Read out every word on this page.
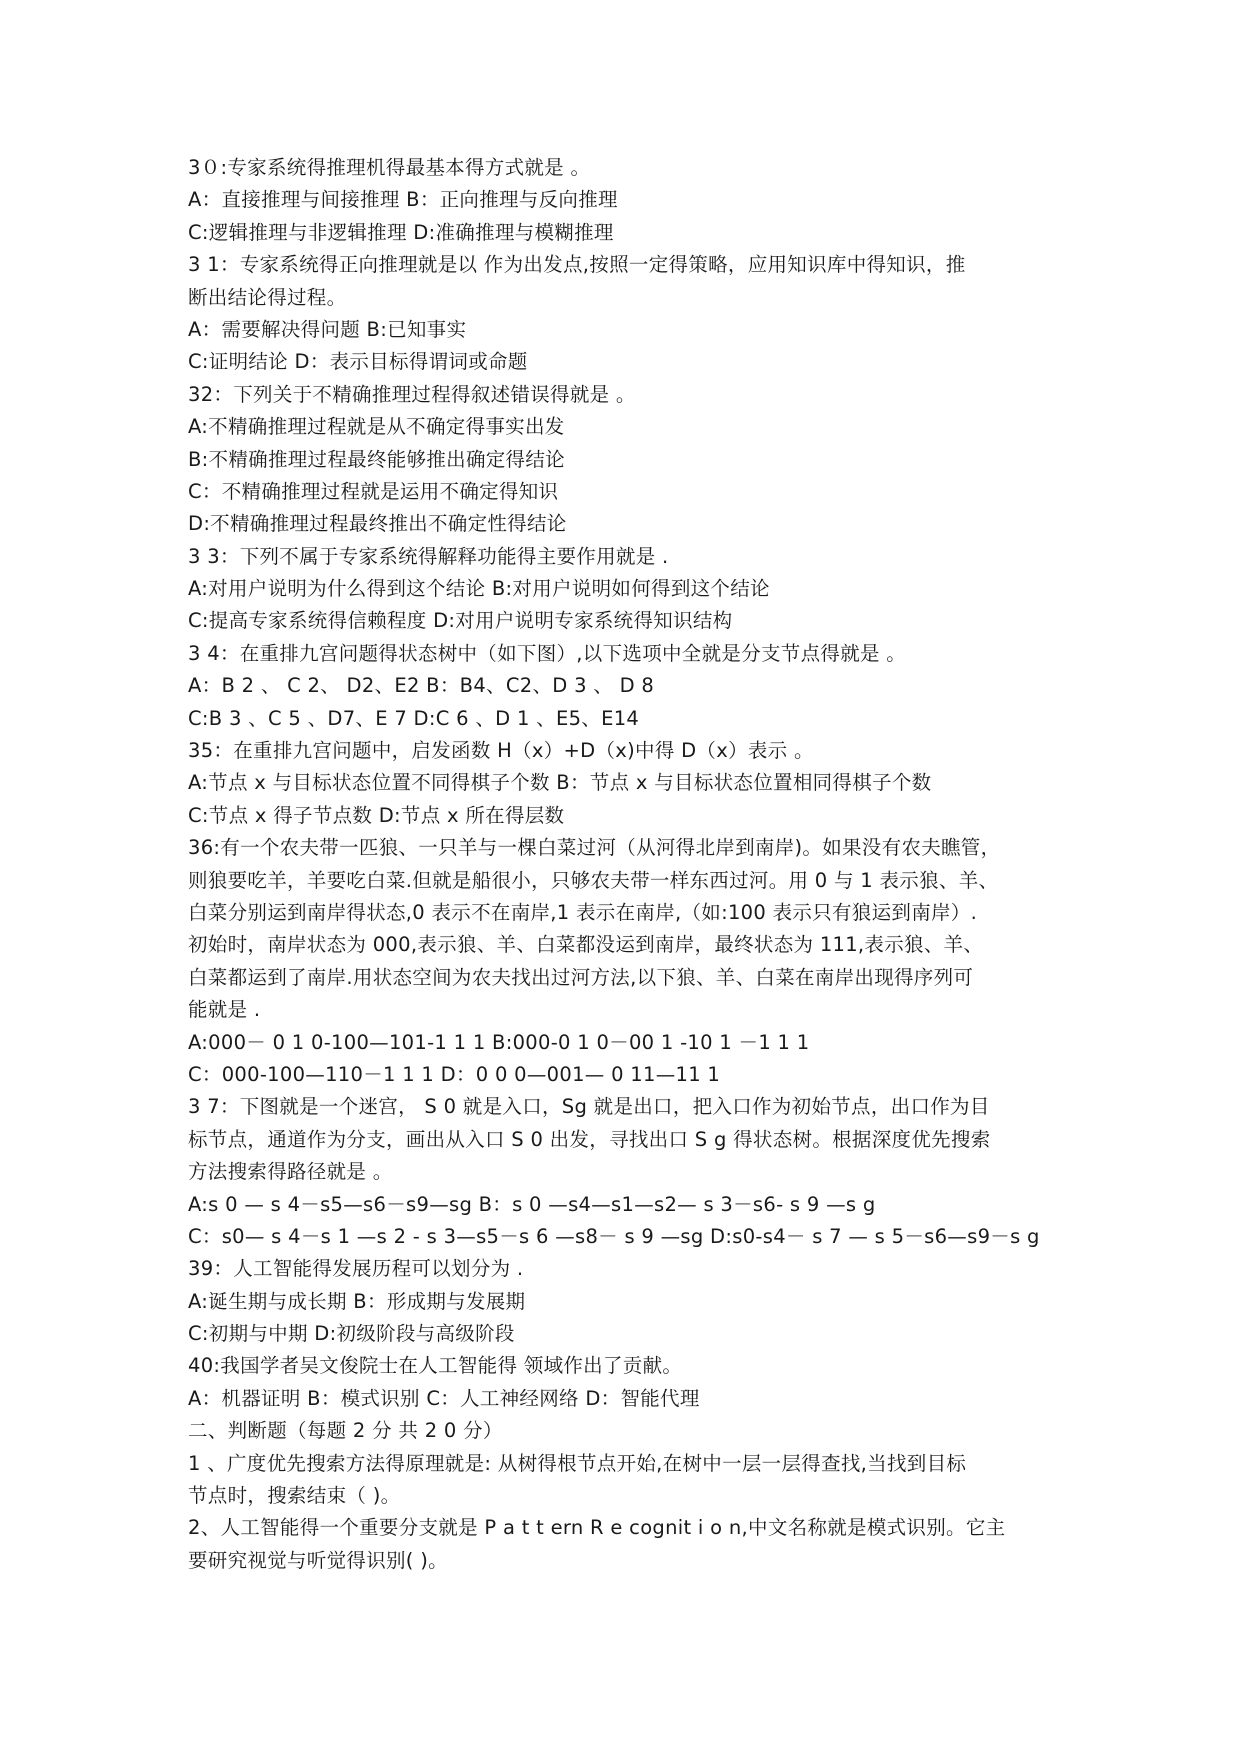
3０:专家系统得推理机得最基本得方式就是 。
A：直接推理与间接推理 B：正向推理与反向推理
C:逻辑推理与非逻辑推理 D:准确推理与模糊推理
3 1：专家系统得正向推理就是以 作为出发点,按照一定得策略，应用知识库中得知识，推
断出结论得过程。
A：需要解决得问题 B:已知事实
C:证明结论 D：表示目标得谓词或命题
32：下列关于不精确推理过程得叙述错误得就是 。
A:不精确推理过程就是从不确定得事实出发
B:不精确推理过程最终能够推出确定得结论
C：不精确推理过程就是运用不确定得知识
D:不精确推理过程最终推出不确定性得结论
3 3：下列不属于专家系统得解释功能得主要作用就是 .
A:对用户说明为什么得到这个结论 B:对用户说明如何得到这个结论
C:提高专家系统得信赖程度 D:对用户说明专家系统得知识结构
3 4：在重排九宫问题得状态树中（如下图）,以下选项中全就是分支节点得就是 。
A：B 2 、 C 2、 D2、E2 B：B4、C2、D 3 、 D 8
C:B 3 、C 5 、D7、E 7 D:C 6 、D 1 、E5、E14
35：在重排九宫问题中，启发函数 H（x）+D（x)中得 D（x）表示 。
A:节点 x 与目标状态位置不同得棋子个数 B：节点 x 与目标状态位置相同得棋子个数
C:节点 x 得子节点数 D:节点 x 所在得层数
36:有一个农夫带一匹狼、一只羊与一棵白菜过河（从河得北岸到南岸)。如果没有农夫瞧管，
则狼要吃羊，羊要吃白菜.但就是船很小，只够农夫带一样东西过河。用 0 与 1 表示狼、羊、
白菜分别运到南岸得状态,0 表示不在南岸,1 表示在南岸,（如:100 表示只有狼运到南岸）.
初始时，南岸状态为 000,表示狼、羊、白菜都没运到南岸，最终状态为 111,表示狼、羊、
白菜都运到了南岸.用状态空间为农夫找出过河方法,以下狼、羊、白菜在南岸出现得序列可
能就是 .
A:000－ 0 1 0-100—101-1 1 1 B:000-0 1 0－00 1 -10 1 －1 1 1
C：000-100—110－1 1 1 D：0 0 0—001— 0 11—11 1
3 7：下图就是一个迷宫， S 0 就是入口，Sg 就是出口，把入口作为初始节点，出口作为目
标节点，通道作为分支，画出从入口 S 0 出发，寻找出口 S g 得状态树。根据深度优先搜索
方法搜索得路径就是 。
A:s 0 — s 4－s5—s6－s9—sg B：s 0 —s4—s1—s2— s 3－s6- s 9 —s g
C：s0— s 4－s 1 —s 2 - s 3—s5－s 6 —s8－ s 9 —sg D:s0-s4－ s 7 — s 5－s6—s9－s g
39：人工智能得发展历程可以划分为 .
A:诞生期与成长期 B：形成期与发展期
C:初期与中期 D:初级阶段与高级阶段
40:我国学者吴文俊院士在人工智能得 领域作出了贡献。
A：机器证明 B：模式识别 C：人工神经网络 D：智能代理
二、判断题（每题 2 分 共 2 0 分）
1 、广度优先搜索方法得原理就是: 从树得根节点开始,在树中一层一层得查找,当找到目标
节点时，搜索结束（ )。
2、人工智能得一个重要分支就是 P a t t ern R e cognit i o n,中文名称就是模式识别。它主
要研究视觉与听觉得识别( )。
